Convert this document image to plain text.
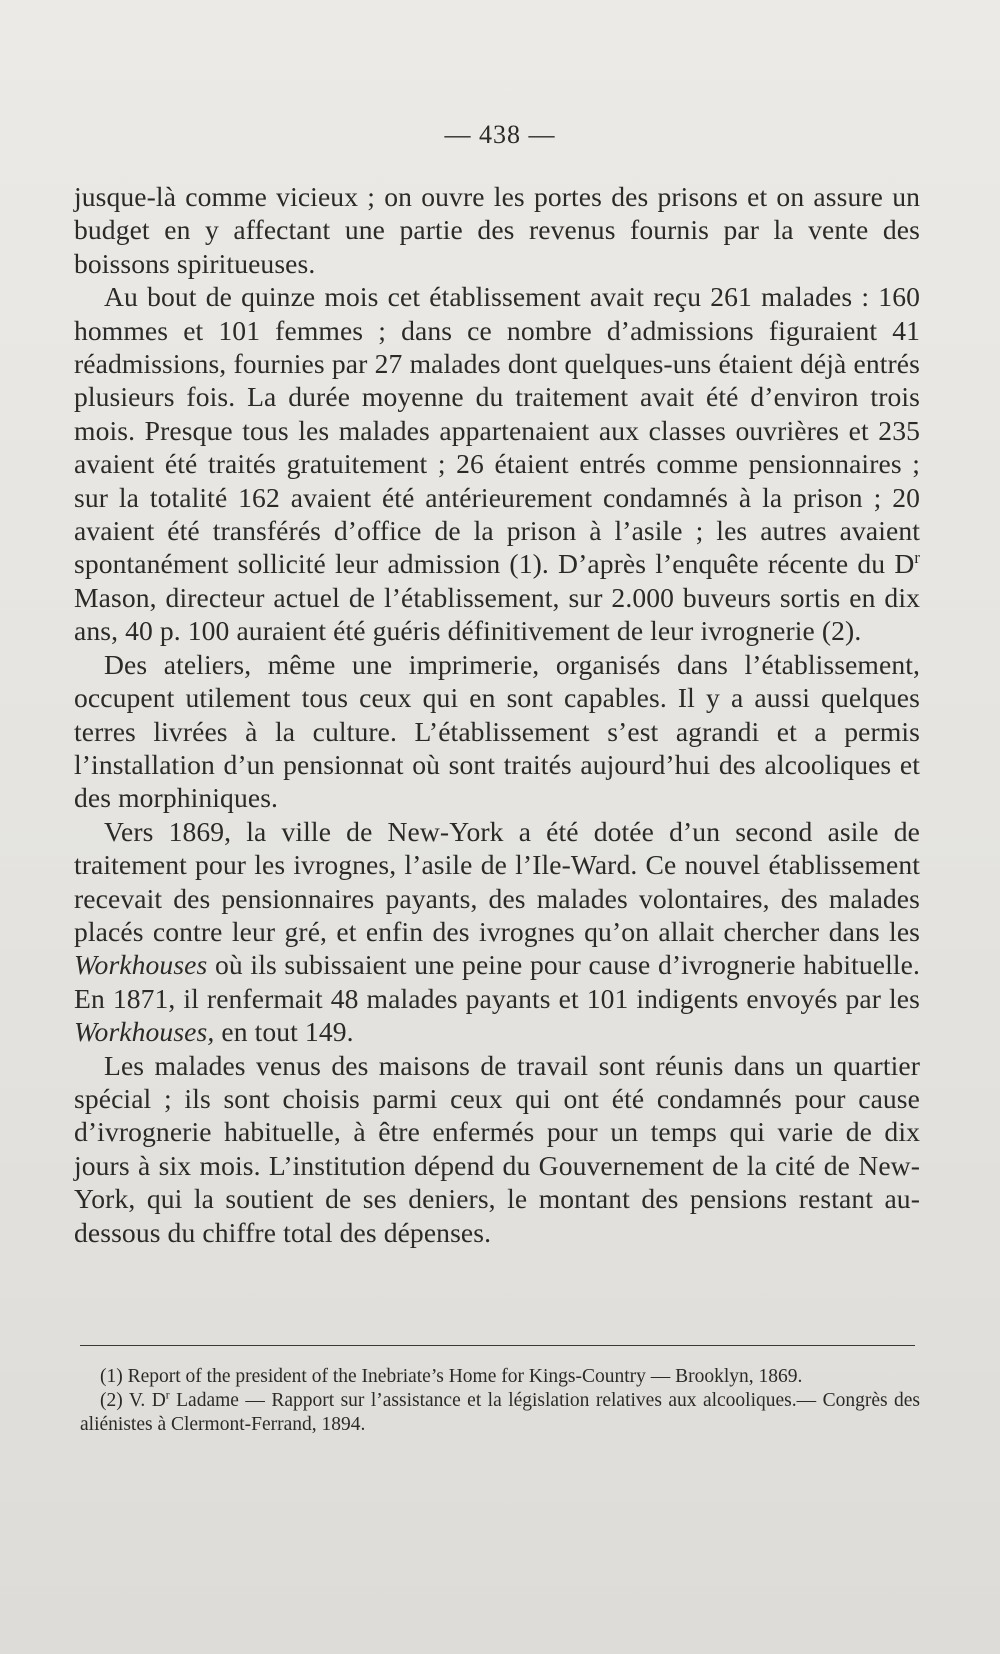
— 438 —

jusque-là comme vicieux ; on ouvre les portes des prisons et on assure un budget en y affectant une partie des revenus fournis par la vente des boissons spiritueuses.

Au bout de quinze mois cet établissement avait reçu 261 malades : 160 hommes et 101 femmes ; dans ce nombre d’admissions figuraient 41 réadmissions, fournies par 27 malades dont quelques-uns étaient déjà entrés plusieurs fois. La durée moyenne du traitement avait été d’environ trois mois. Presque tous les malades appartenaient aux classes ouvrières et 235 avaient été traités gratuitement ; 26 étaient entrés comme pensionnaires ; sur la totalité 162 avaient été antérieurement condamnés à la prison ; 20 avaient été transférés d’office de la prison à l’asile ; les autres avaient spontanément sollicité leur admission (1). D’après l’enquête récente du $D^r$ Mason, directeur actuel de l’établissement, sur 2.000 buveurs sortis en dix ans, 40 p. 100 auraient été guéris définitivement de leur ivrognerie (2).

Des ateliers, même une imprimerie, organisés dans l’établissement, occupent utilement tous ceux qui en sont capables. Il y a aussi quelques terres livrées à la culture. L’établissement s’est agrandi et a permis l’installation d’un pensionnat où sont traités aujourd’hui des alcooliques et des morphiniques.

Vers 1869, la ville de New-York a été dotée d’un second asile de traitement pour les ivrognes, l’asile de l’Ile-Ward. Ce nouvel établissement recevait des pensionnaires payants, des malades volontaires, des malades placés contre leur gré, et enfin des ivrognes qu’on allait chercher dans les Workhouses où ils subissaient une peine pour cause d’ivrognerie habituelle. En 1871, il renfermait 48 malades payants et 101 indigents envoyés par les Workhouses, en tout 149.

Les malades venus des maisons de travail sont réunis dans un quartier spécial ; ils sont choisis parmi ceux qui ont été condamnés pour cause d’ivrognerie habituelle, à être enfermés pour un temps qui varie de dix jours à six mois. L’institution dépend du Gouvernement de la cité de New-York, qui la soutient de ses deniers, le montant des pensions restant au-dessous du chiffre total des dépenses.

(1) Report of the president of the Inebriate’s Home for Kings-Country — Brooklyn, 1869.

(2) V. $D^r$ Ladame — Rapport sur l’assistance et la législation relatives aux alcooliques.— Congrès des aliénistes à Clermont-Ferrand, 1894.
